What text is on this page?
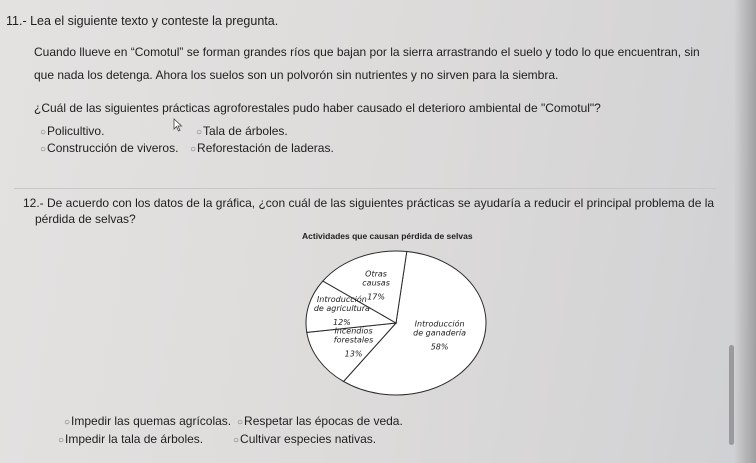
11.- Lea el siguiente texto y conteste la pregunta.
Cuando llueve en “Comotul” se forman grandes ríos que bajan por la sierra arrastrando el suelo y todo lo que encuentran, sin
que nada los detenga. Ahora los suelos son un polvorón sin nutrientes y no sirven para la siembra.
¿Cuál de las siguientes prácticas agroforestales pudo haber causado el deterioro ambiental de "Comotul"?
○Policultivo.	○Tala de árboles.
○Construcción de viveros. ○Reforestación de laderas.
12.- De acuerdo con los datos de la gráfica, ¿con cuál de las siguientes prácticas se ayudaría a reducir el principal problema de la
pérdida de selvas?
Actividades que causan pérdida de selvas
Introducción de ganadería 58%
Incendios forestales 13%
Introducción de agricultura 12%
Otras causas 17%
○Impedir las quemas agrícolas. ○Respetar las épocas de veda.
○Impedir la tala de árboles.	○Cultivar especies nativas.
